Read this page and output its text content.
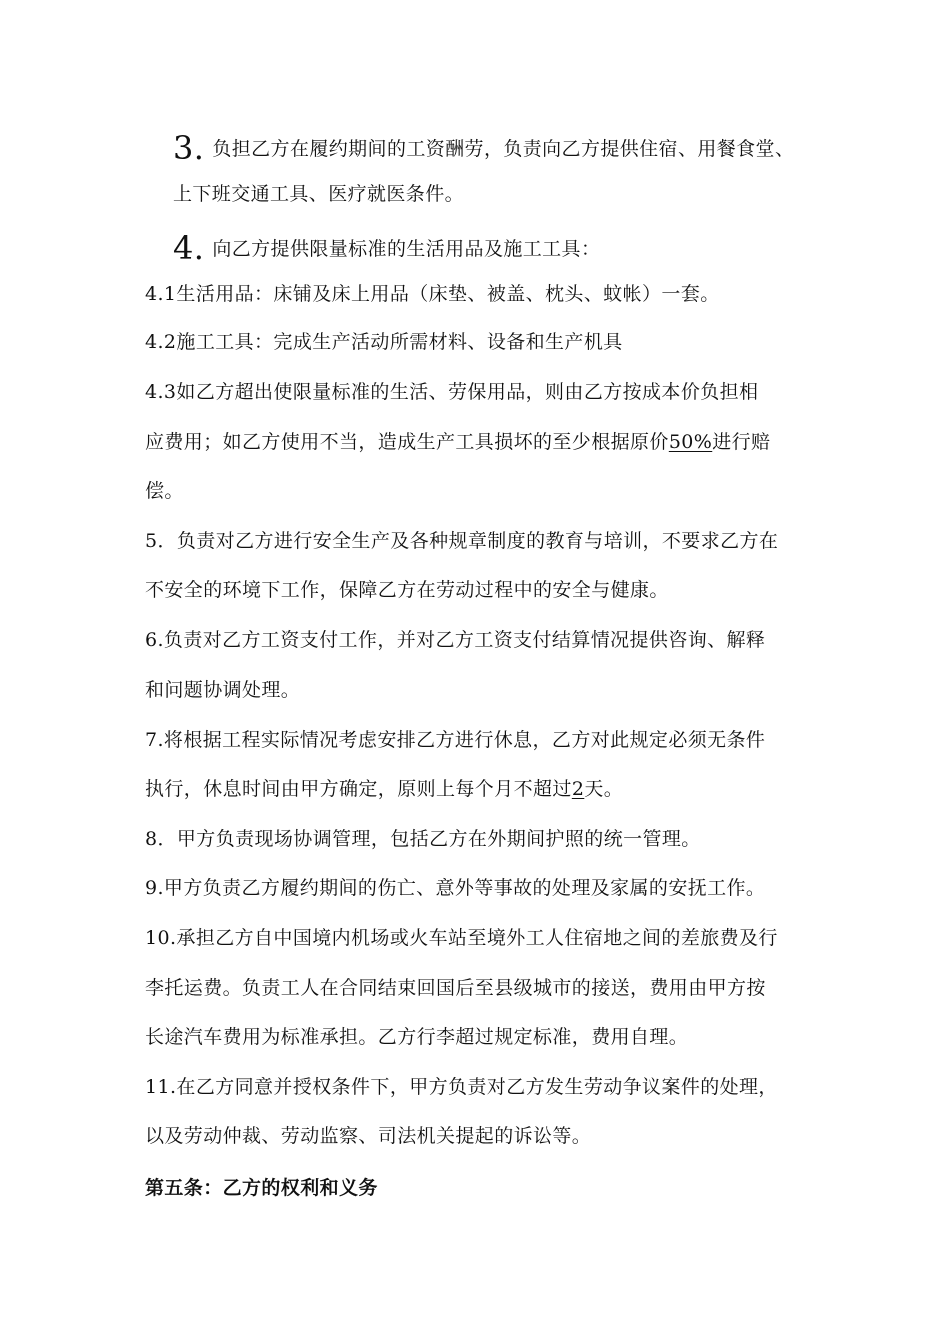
3. 负担乙方在履约期间的工资酬劳，负责向乙方提供住宿、用餐食堂、
上下班交通工具、医疗就医条件。
4. 向乙方提供限量标准的生活用品及施工工具：
4.1生活用品：床铺及床上用品（床垫、被盖、枕头、蚊帐）一套。
4.2施工工具：完成生产活动所需材料、设备和生产机具
4.3如乙方超出使限量标准的生活、劳保用品，则由乙方按成本价负担相
应费用；如乙方使用不当，造成生产工具损坏的至少根据原价50%进行赔
偿。
5．负责对乙方进行安全生产及各种规章制度的教育与培训，不要求乙方在
不安全的环境下工作，保障乙方在劳动过程中的安全与健康。
6.负责对乙方工资支付工作，并对乙方工资支付结算情况提供咨询、解释
和问题协调处理。
7.将根据工程实际情况考虑安排乙方进行休息，乙方对此规定必须无条件
执行，休息时间由甲方确定，原则上每个月不超过2天。
8．甲方负责现场协调管理，包括乙方在外期间护照的统一管理。
9.甲方负责乙方履约期间的伤亡、意外等事故的处理及家属的安抚工作。
10.承担乙方自中国境内机场或火车站至境外工人住宿地之间的差旅费及行
李托运费。负责工人在合同结束回国后至县级城市的接送，费用由甲方按
长途汽车费用为标准承担。乙方行李超过规定标准，费用自理。
11.在乙方同意并授权条件下，甲方负责对乙方发生劳动争议案件的处理，
以及劳动仲裁、劳动监察、司法机关提起的诉讼等。
第五条：乙方的权利和义务
